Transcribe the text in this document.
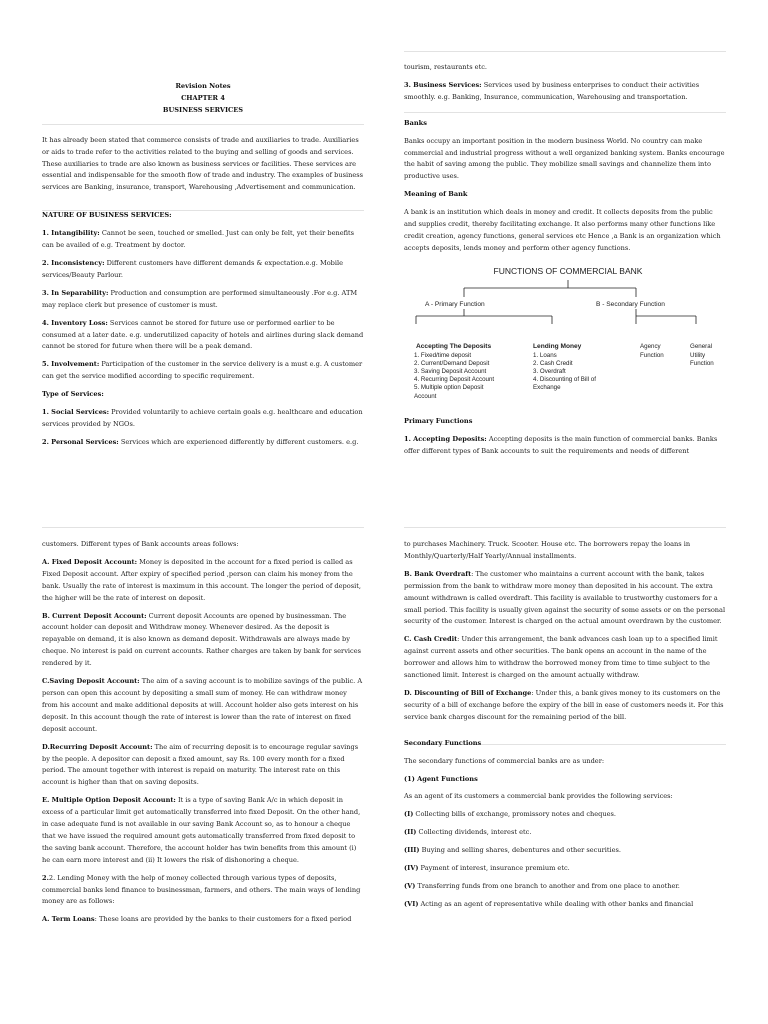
Revision Notes
CHAPTER 4
BUSINESS SERVICES

It has already been stated that commerce consists of trade and auxiliaries to trade. Auxiliaries or aids to trade refer to the activities related to the buying and selling of goods and services. These auxiliaries to trade are also known as business services or facilities. These services are essential and indispensable for the smooth flow of trade and industry. The examples of business services are Banking, insurance, transport, Warehousing ,Advertisement and communication.

NATURE OF BUSINESS SERVICES:

1. Intangibility: Cannot be seen, touched or smelled. Just can only be felt, yet their benefits can be availed of e.g. Treatment by doctor.

2. Inconsistency: Different customers have different demands & expectation.e.g. Mobile services/Beauty Parlour.

3. In Separability: Production and consumption are performed simultaneously .For e.g. ATM may replace clerk but presence of customer is must.

4. Inventory Loss: Services cannot be stored for future use or performed earlier to be consumed at a later date. e.g. underutilized capacity of hotels and airlines during slack demand cannot be stored for future when there will be a peak demand.

5. Involvement: Participation of the customer in the service delivery is a must e.g. A customer can get the service modified according to specific requirement.

Type of Services:

1. Social Services: Provided voluntarily to achieve certain goals e.g. healthcare and education services provided by NGOs.

2. Personal Services: Services which are experienced differently by different customers. e.g.

tourism, restaurants etc.

3. Business Services: Services used by business enterprises to conduct their activities smoothly. e.g. Banking, Insurance, communication, Warehousing and transportation.

Banks

Banks occupy an important position in the modern business World. No country can make commercial and industrial progress without a well organized banking system. Banks encourage the habit of saving among the public. They mobilize small savings and channelize them into productive uses.

Meaning of Bank

A bank is an institution which deals in money and credit. It collects deposits from the public and supplies credit, thereby facilitating exchange. It also performs many other functions like credit creation, agency functions, general services etc Hence ,a Bank is an organization which accepts deposits, lends money and perform other agency functions.

FUNCTIONS OF COMMERCIAL BANK
A - Primary Function	B - Secondary Function
Accepting The Deposits
1. Fixed/time deposit
2. Current/Demand Deposit
3. Saving Deposit Account
4. Recurring Deposit Account
5. Multiple option Deposit
Account
Lending Money
1. Loans
2. Cash Credit
3. Overdraft
4. Discounting of Bill of
Exchange
Agency
Function
General
Utility
Function

Primary Functions

1. Accepting Deposits: Accepting deposits is the main function of commercial banks. Banks offer different types of Bank accounts to suit the requirements and needs of different

customers. Different types of Bank accounts areas follows:

A. Fixed Deposit Account: Money is deposited in the account for a fixed period is called as Fixed Deposit account. After expiry of specified period ,person can claim his money from the bank. Usually the rate of interest is maximum in this account. The longer the period of deposit, the higher will be the rate of interest on deposit.

B. Current Deposit Account: Current deposit Accounts are opened by businessman. The account holder can deposit and Withdraw money. Whenever desired. As the deposit is repayable on demand, it is also known as demand deposit. Withdrawals are always made by cheque. No interest is paid on current accounts. Rather charges are taken by bank for services rendered by it.

C.Saving Deposit Account: The aim of a saving account is to mobilize savings of the public. A person can open this account by depositing a small sum of money. He can withdraw money from his account and make additional deposits at will. Account holder also gets interest on his deposit. In this account though the rate of interest is lower than the rate of interest on fixed deposit account.

D.Recurring Deposit Account: The aim of recurring deposit is to encourage regular savings by the people. A depositor can deposit a fixed amount, say Rs. 100 every month for a fixed period. The amount together with interest is repaid on maturity. The interest rate on this account is higher than that on saving deposits.

E. Multiple Option Deposit Account: It is a type of saving Bank A/c in which deposit in excess of a particular limit get automatically transferred into fixed Deposit. On the other hand, in case adequate fund is not available in our saving Bank Account so, as to honour a cheque that we have issued the required amount gets automatically transferred from fixed deposit to the saving bank account. Therefore, the account holder has twin benefits from this amount (i) he can earn more interest and (ii) It lowers the risk of dishonoring a cheque.

2.2. Lending Money with the help of money collected through various types of deposits, commercial banks lend finance to businessman, farmers, and others. The main ways of lending money are as follows:

A. Term Loans: These loans are provided by the banks to their customers for a fixed period

to purchases Machinery. Truck. Scooter. House etc. The borrowers repay the loans in Monthly/Quarterly/Half Yearly/Annual installments.

B. Bank Overdraft: The customer who maintains a current account with the bank, takes permission from the bank to withdraw more money than deposited in his account. The extra amount withdrawn is called overdraft. This facility is available to trustworthy customers for a small period. This facility is usually given against the security of some assets or on the personal security of the customer. Interest is charged on the actual amount overdrawn by the customer.

C. Cash Credit: Under this arrangement, the bank advances cash loan up to a specified limit against current assets and other securities. The bank opens an account in the name of the borrower and allows him to withdraw the borrowed money from time to time subject to the sanctioned limit. Interest is charged on the amount actually withdraw.

D. Discounting of Bill of Exchange: Under this, a bank gives money to its customers on the security of a bill of exchange before the expiry of the bill in ease of customers needs it. For this service bank charges discount for the remaining period of the bill.

Secondary Functions

The secondary functions of commercial banks are as under:

(1) Agent Functions

As an agent of its customers a commercial bank provides the following services:

(I) Collecting bills of exchange, promissory notes and cheques.

(II) Collecting dividends, interest etc.

(III) Buying and selling shares, debentures and other securities.

(IV) Payment of interest, insurance premium etc.

(V) Transferring funds from one branch to another and from one place to another.

(VI) Acting as an agent of representative while dealing with other banks and financial
